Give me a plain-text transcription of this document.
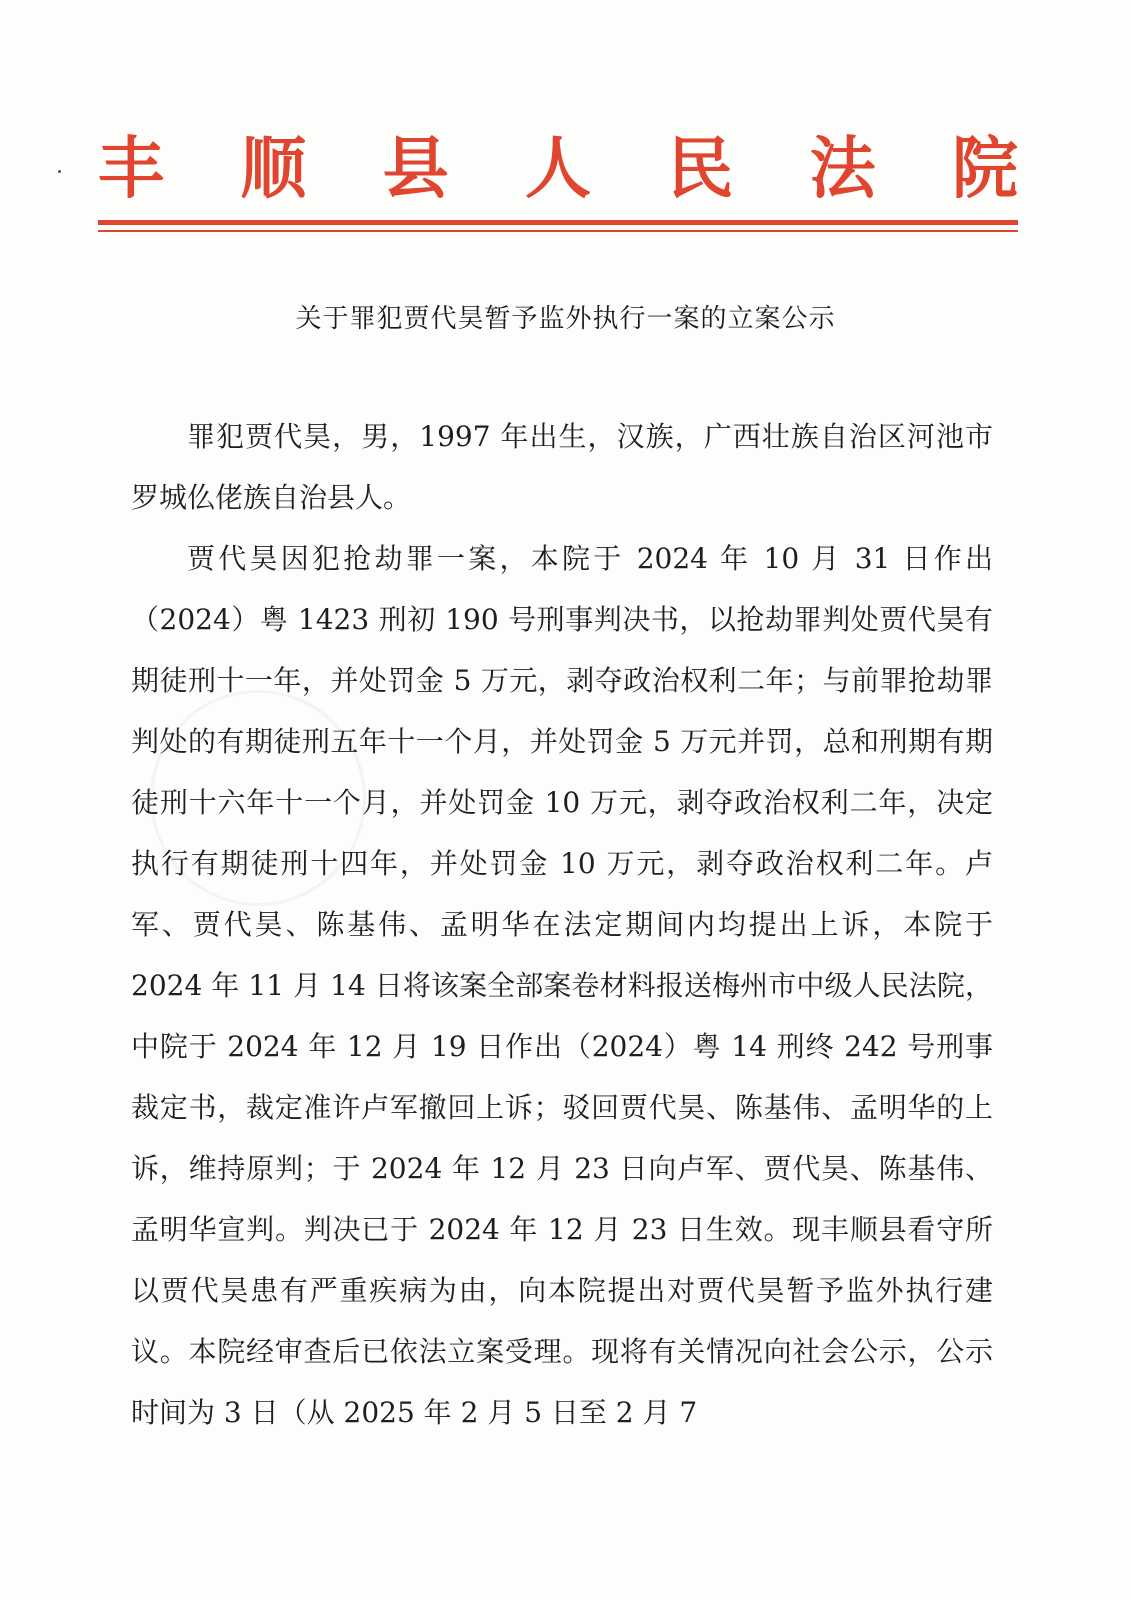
丰 顺 县 人 民 法 院
关于罪犯贾代昊暂予监外执行一案的立案公示

罪犯贾代昊，男，1997 年出生，汉族，广西壮族自治区河池市罗城仫佬族自治县人。

贾代昊因犯抢劫罪一案，本院于 2024 年 10 月 31 日作出（2024）粤 1423 刑初 190 号刑事判决书，以抢劫罪判处贾代昊有期徒刑十一年，并处罚金 5 万元，剥夺政治权利二年；与前罪抢劫罪判处的有期徒刑五年十一个月，并处罚金 5 万元并罚，总和刑期有期徒刑十六年十一个月，并处罚金 10 万元，剥夺政治权利二年，决定执行有期徒刑十四年，并处罚金 10 万元，剥夺政治权利二年。卢军、贾代昊、陈基伟、孟明华在法定期间内均提出上诉，本院于 2024 年 11 月 14 日将该案全部案卷材料报送梅州市中级人民法院，中院于 2024 年 12 月 19 日作出（2024）粤 14 刑终 242 号刑事裁定书，裁定准许卢军撤回上诉；驳回贾代昊、陈基伟、孟明华的上诉，维持原判；于 2024 年 12 月 23 日向卢军、贾代昊、陈基伟、孟明华宣判。判决已于 2024 年 12 月 23 日生效。现丰顺县看守所以贾代昊患有严重疾病为由，向本院提出对贾代昊暂予监外执行建议。本院经审查后已依法立案受理。现将有关情况向社会公示，公示时间为 3 日（从 2025 年 2 月 5 日至 2 月 7
